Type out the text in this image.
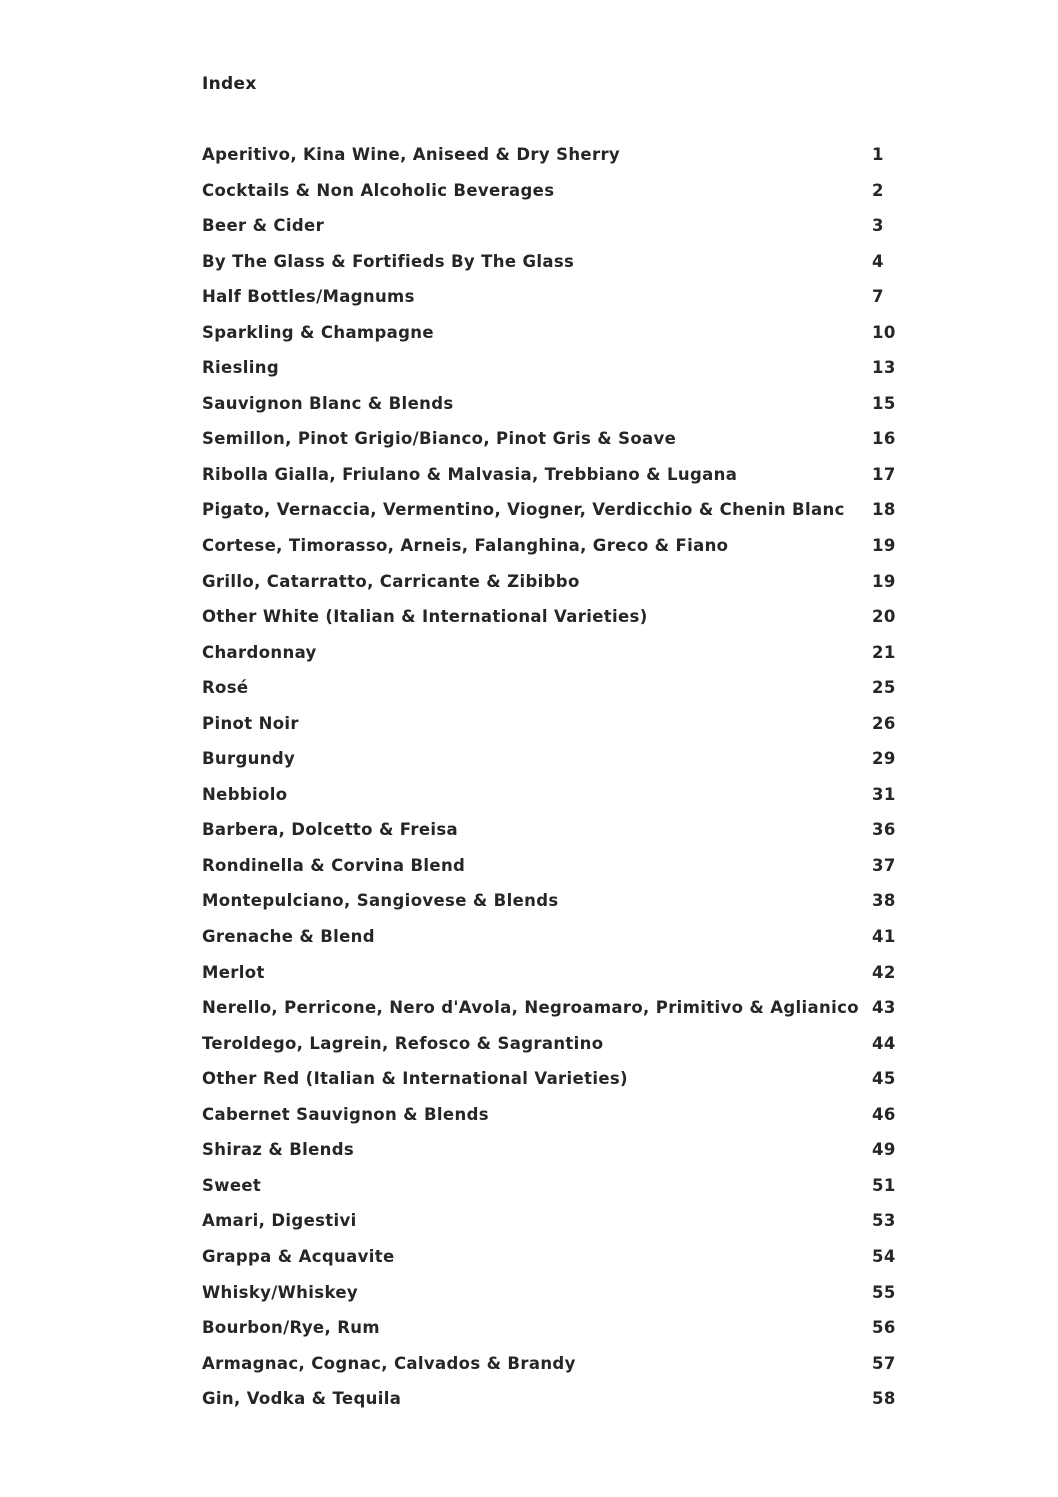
Index
Aperitivo, Kina Wine, Aniseed & Dry Sherry	1
Cocktails & Non Alcoholic Beverages	2
Beer & Cider	3
By The Glass & Fortifieds By The Glass	4
Half Bottles/Magnums	7
Sparkling & Champagne	10
Riesling	13
Sauvignon Blanc & Blends	15
Semillon, Pinot Grigio/Bianco, Pinot Gris & Soave	16
Ribolla Gialla, Friulano & Malvasia, Trebbiano & Lugana	17
Pigato, Vernaccia, Vermentino, Viogner, Verdicchio & Chenin Blanc 18
Cortese, Timorasso, Arneis, Falanghina, Greco & Fiano	19
Grillo, Catarratto, Carricante & Zibibbo	19
Other White (Italian & International Varieties)	20
Chardonnay	21
Rosé	25
Pinot Noir	26
Burgundy	29
Nebbiolo	31
Barbera, Dolcetto & Freisa	36
Rondinella & Corvina Blend	37
Montepulciano, Sangiovese & Blends	38
Grenache & Blend	41
Merlot	42
Nerello, Perricone, Nero d'Avola, Negroamaro, Primitivo & Aglianico 43
Teroldego, Lagrein, Refosco & Sagrantino	44
Other Red (Italian & International Varieties)	45
Cabernet Sauvignon & Blends	46
Shiraz & Blends	49
Sweet	51
Amari, Digestivi	53
Grappa & Acquavite	54
Whisky/Whiskey	55
Bourbon/Rye, Rum	56
Armagnac, Cognac, Calvados & Brandy	57
Gin, Vodka & Tequila	58
